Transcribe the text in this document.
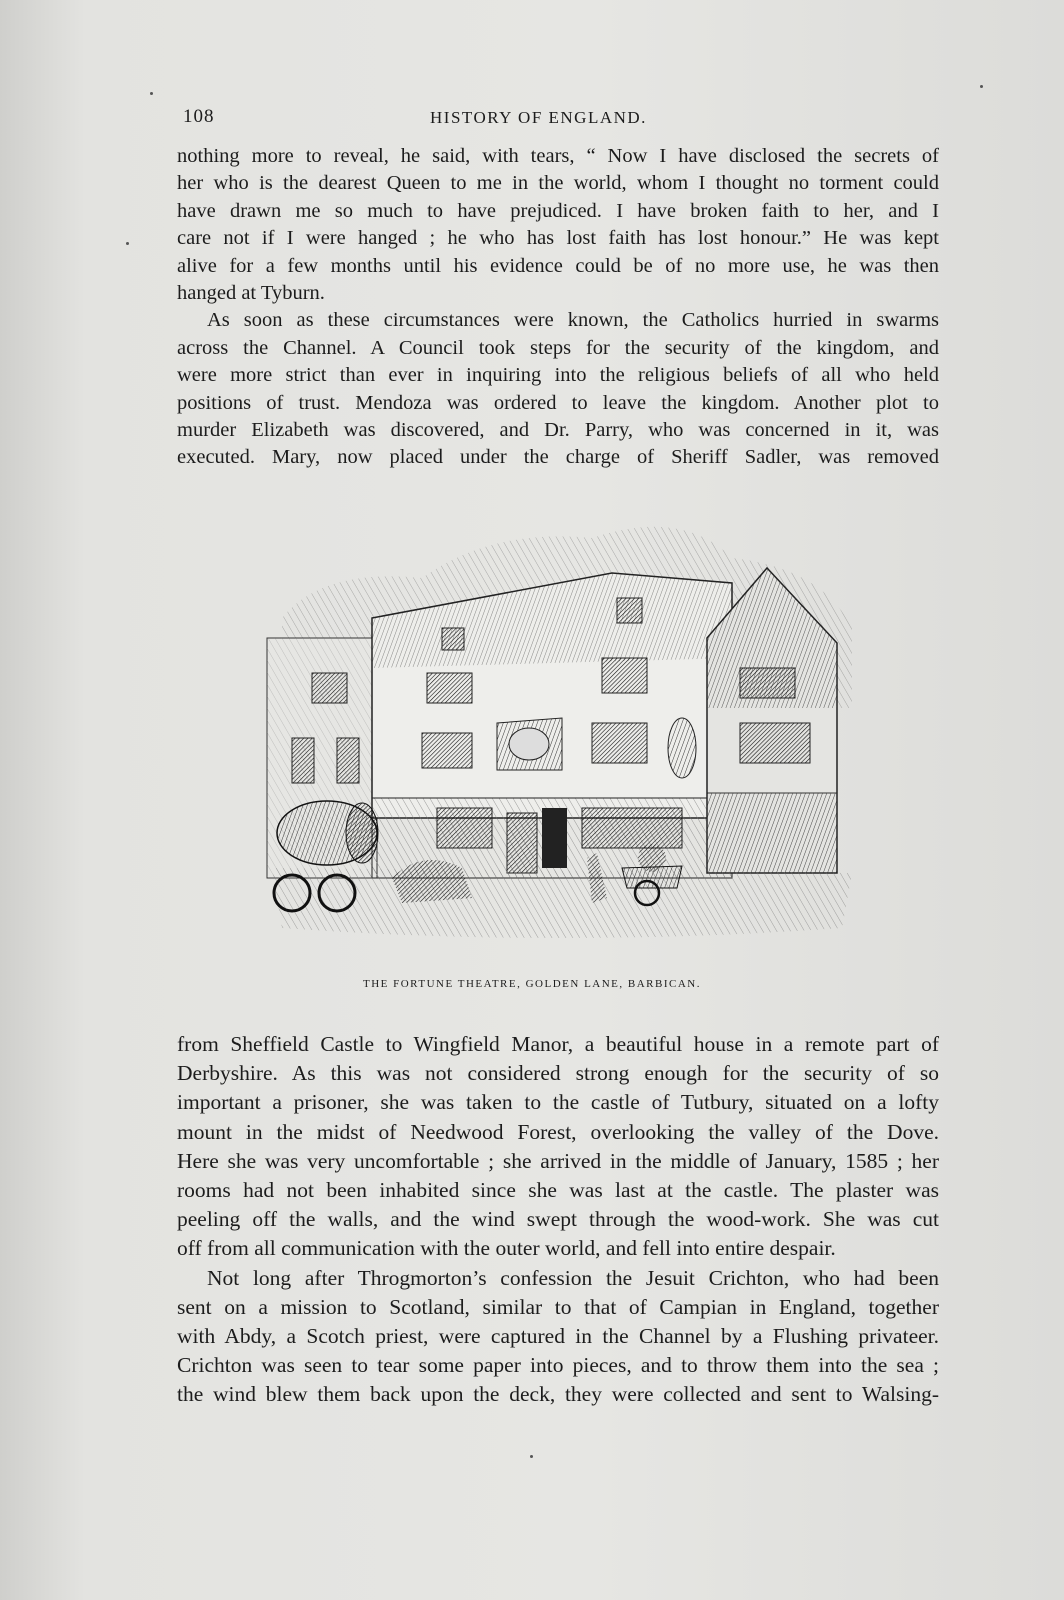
108	HISTORY OF ENGLAND.
nothing more to reveal, he said, with tears, “ Now I have disclosed the secrets of
her who is the dearest Queen to me in the world, whom I thought no torment could
have drawn me so much to have prejudiced. I have broken faith to her, and I
care not if I were hanged ; he who has lost faith has lost honour.” He was kept
alive for a few months until his evidence could be of no more use, he was then
hanged at Tyburn.
As soon as these circumstances were known, the Catholics hurried in swarms
across the Channel. A Council took steps for the security of the kingdom, and
were more strict than ever in inquiring into the religious beliefs of all who held
positions of trust. Mendoza was ordered to leave the kingdom. Another plot to
murder Elizabeth was discovered, and Dr. Parry, who was concerned in it, was
executed. Mary, now placed under the charge of Sheriff Sadler, was removed
THE FORTUNE THEATRE, GOLDEN LANE, BARBICAN.
from Sheffield Castle to Wingfield Manor, a beautiful house in a remote part of
Derbyshire. As this was not considered strong enough for the security of so
important a prisoner, she was taken to the castle of Tutbury, situated on a lofty
mount in the midst of Needwood Forest, overlooking the valley of the Dove.
Here she was very uncomfortable ; she arrived in the middle of January, 1585 ; her
rooms had not been inhabited since she was last at the castle. The plaster was
peeling off the walls, and the wind swept through the wood-work. She was cut
off from all communication with the outer world, and fell into entire despair.
Not long after Throgmorton’s confession the Jesuit Crichton, who had been
sent on a mission to Scotland, similar to that of Campian in England, together
with Abdy, a Scotch priest, were captured in the Channel by a Flushing privateer.
Crichton was seen to tear some paper into pieces, and to throw them into the sea ;
the wind blew them back upon the deck, they were collected and sent to Walsing-
